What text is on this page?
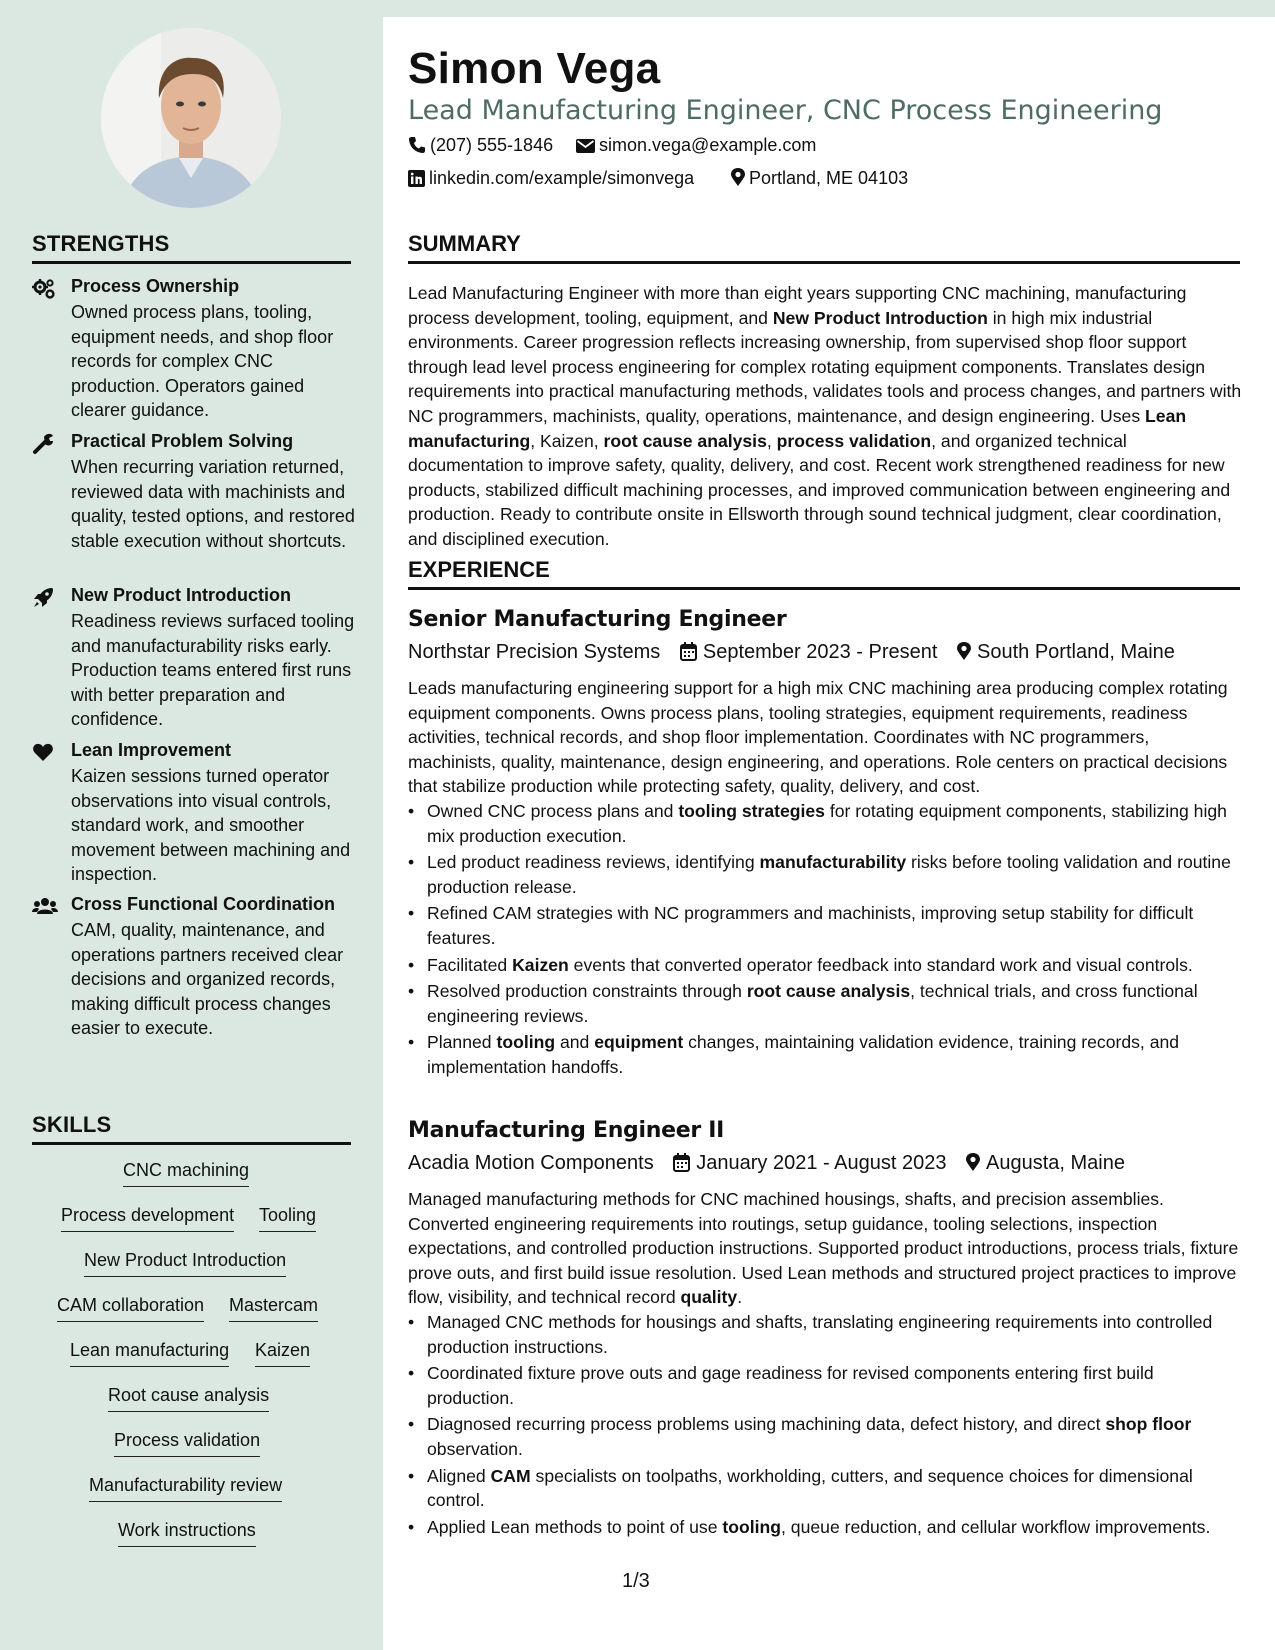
STRENGTHS
Process Ownership
Owned process plans, tooling, equipment needs, and shop floor records for complex CNC production. Operators gained clearer guidance.
Practical Problem Solving
When recurring variation returned, reviewed data with machinists and quality, tested options, and restored stable execution without shortcuts.
New Product Introduction
Readiness reviews surfaced tooling and manufacturability risks early. Production teams entered first runs with better preparation and confidence.
Lean Improvement
Kaizen sessions turned operator observations into visual controls, standard work, and smoother movement between machining and inspection.
Cross Functional Coordination
CAM, quality, maintenance, and operations partners received clear decisions and organized records, making difficult process changes easier to execute.
SKILLS
CNC machining
Process development Tooling
New Product Introduction
CAM collaboration Mastercam
Lean manufacturing Kaizen
Root cause analysis
Process validation
Manufacturability review
Work instructions
Simon Vega
Lead Manufacturing Engineer, CNC Process Engineering
(207) 555-1846	simon.vega@example.com
linkedin.com/example/simonvega	Portland, ME 04103
SUMMARY
Lead Manufacturing Engineer with more than eight years supporting CNC machining, manufacturing process development, tooling, equipment, and New Product Introduction in high mix industrial environments. Career progression reflects increasing ownership, from supervised shop floor support through lead level process engineering for complex rotating equipment components. Translates design requirements into practical manufacturing methods, validates tools and process changes, and partners with NC programmers, machinists, quality, operations, maintenance, and design engineering. Uses Lean manufacturing, Kaizen, root cause analysis, process validation, and organized technical documentation to improve safety, quality, delivery, and cost. Recent work strengthened readiness for new products, stabilized difficult machining processes, and improved communication between engineering and production. Ready to contribute onsite in Ellsworth through sound technical judgment, clear coordination, and disciplined execution.
EXPERIENCE
Senior Manufacturing Engineer
Northstar Precision Systems September 2023 - Present South Portland, Maine
Leads manufacturing engineering support for a high mix CNC machining area producing complex rotating equipment components. Owns process plans, tooling strategies, equipment requirements, readiness activities, technical records, and shop floor implementation. Coordinates with NC programmers, machinists, quality, maintenance, design engineering, and operations. Role centers on practical decisions that stabilize production while protecting safety, quality, delivery, and cost.
• Owned CNC process plans and tooling strategies for rotating equipment components, stabilizing high mix production execution.
• Led product readiness reviews, identifying manufacturability risks before tooling validation and routine production release.
• Refined CAM strategies with NC programmers and machinists, improving setup stability for difficult features.
• Facilitated Kaizen events that converted operator feedback into standard work and visual controls.
• Resolved production constraints through root cause analysis, technical trials, and cross functional engineering reviews.
• Planned tooling and equipment changes, maintaining validation evidence, training records, and implementation handoffs.
Manufacturing Engineer II
Acadia Motion Components January 2021 - August 2023 Augusta, Maine
Managed manufacturing methods for CNC machined housings, shafts, and precision assemblies. Converted engineering requirements into routings, setup guidance, tooling selections, inspection expectations, and controlled production instructions. Supported product introductions, process trials, fixture prove outs, and first build issue resolution. Used Lean methods and structured project practices to improve flow, visibility, and technical record quality.
• Managed CNC methods for housings and shafts, translating engineering requirements into controlled production instructions.
• Coordinated fixture prove outs and gage readiness for revised components entering first build production.
• Diagnosed recurring process problems using machining data, defect history, and direct shop floor observation.
• Aligned CAM specialists on toolpaths, workholding, cutters, and sequence choices for dimensional control.
• Applied Lean methods to point of use tooling, queue reduction, and cellular workflow improvements.
1/3
